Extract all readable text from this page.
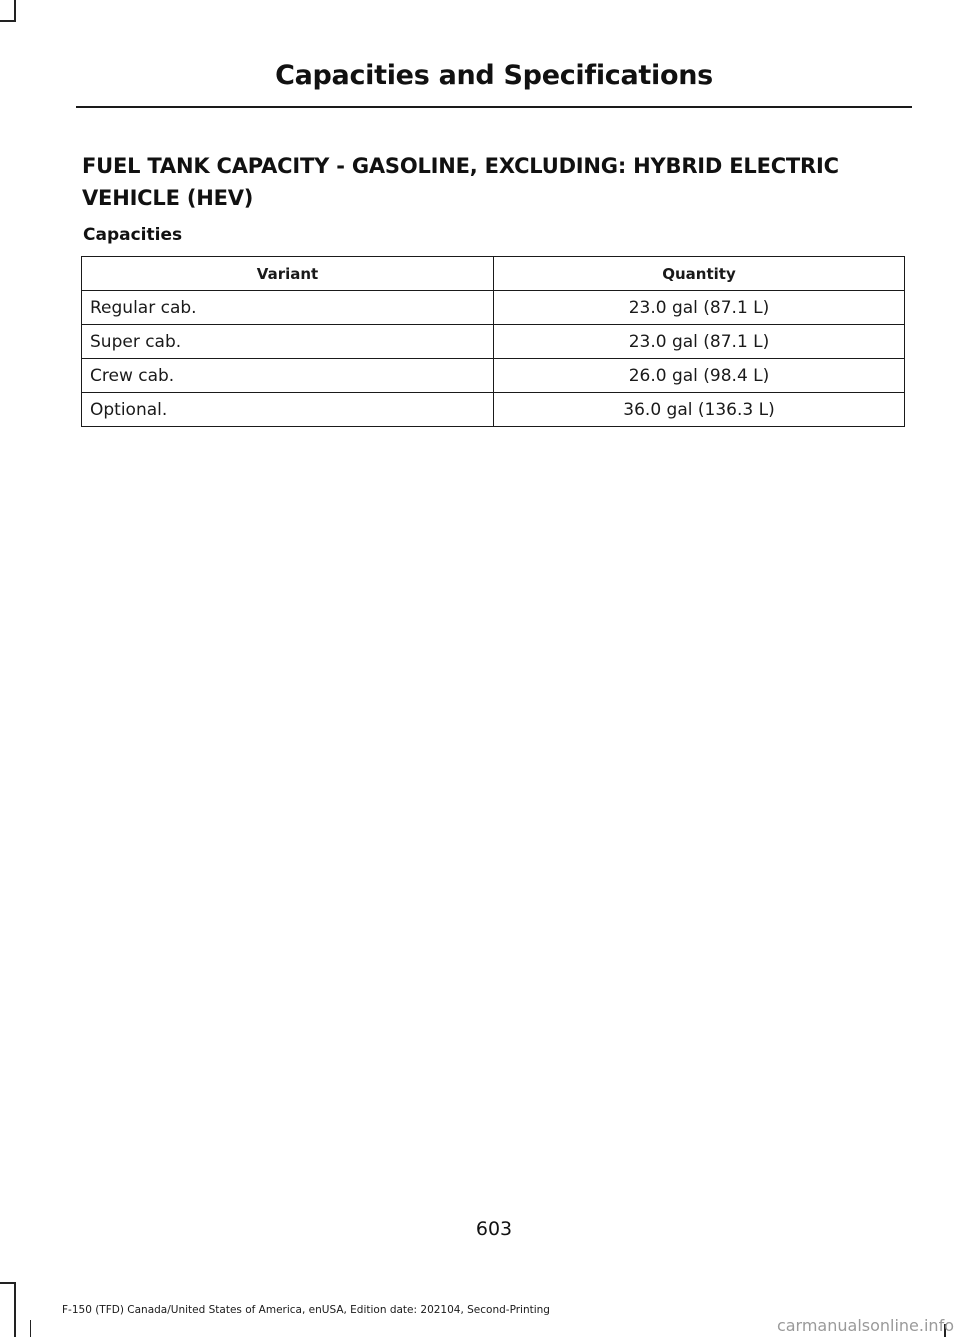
Capacities and Specifications
FUEL TANK CAPACITY - GASOLINE, EXCLUDING: HYBRID ELECTRIC VEHICLE (HEV)
Capacities
Variant	Quantity
Regular cab.	23.0 gal (87.1 L)
Super cab.	23.0 gal (87.1 L)
Crew cab.	26.0 gal (98.4 L)
Optional.	36.0 gal (136.3 L)
603
F-150 (TFD) Canada/United States of America, enUSA, Edition date: 202104, Second-Printing
carmanualsonline.info
